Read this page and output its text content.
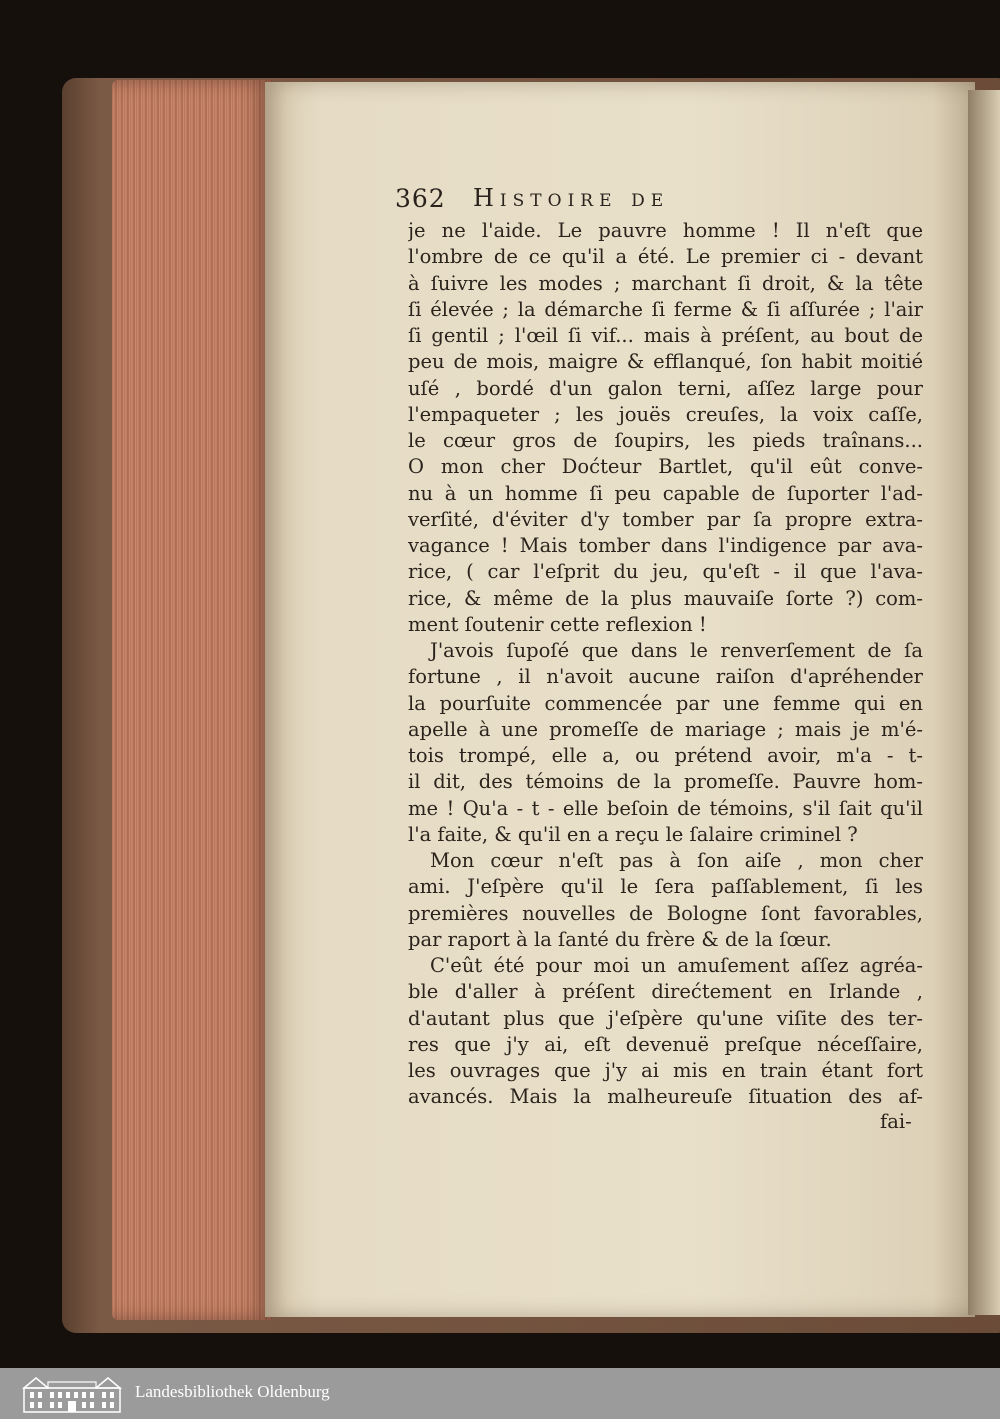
362 Histoire de
je ne l'aide. Le pauvre homme ! Il n'eſt que
l'ombre de ce qu'il a été. Le premier ci - devant
à ſuivre les modes ; marchant ſi droit, & la tête
ſi élevée ; la démarche ſi ferme & ſi aſſurée ; l'air
ſi gentil ; l'œil ſi vif... mais à préſent, au bout de
peu de mois, maigre & efflanqué, ſon habit moitié
uſé , bordé d'un galon terni, aſſez large pour
l'empaqueter ; les jouës creuſes, la voix caſſe,
le cœur gros de ſoupirs, les pieds traînans...
O mon cher Doćteur Bartlet, qu'il eût conve-
nu à un homme ſi peu capable de ſuporter l'ad-
verſité, d'éviter d'y tomber par ſa propre extra-
vagance ! Mais tomber dans l'indigence par ava-
rice, ( car l'eſprit du jeu, qu'eſt - il que l'ava-
rice, & même de la plus mauvaiſe ſorte ?) com-
ment ſoutenir cette reflexion !
J'avois ſupoſé que dans le renverſement de ſa
fortune , il n'avoit aucune raiſon d'apréhender
la pourſuite commencée par une femme qui en
apelle à une promeſſe de mariage ; mais je m'é-
tois trompé, elle a, ou prétend avoir, m'a - t-
il dit, des témoins de la promeſſe. Pauvre hom-
me ! Qu'a - t - elle beſoin de témoins, s'il ſait qu'il
l'a faite, & qu'il en a reçu le ſalaire criminel ?
Mon cœur n'eſt pas à ſon aiſe , mon cher
ami. J'eſpère qu'il le ſera paſſablement, ſi les
premières nouvelles de Bologne ſont favorables,
par raport à la ſanté du frère & de la ſœur.
C'eût été pour moi un amuſement aſſez agréa-
ble d'aller à préſent direćtement en Irlande ,
d'autant plus que j'eſpère qu'une viſite des ter-
res que j'y ai, eſt devenuë preſque néceſſaire,
les ouvrages que j'y ai mis en train étant fort
avancés. Mais la malheureuſe ſituation des af-
fai-
Landesbibliothek Oldenburg
